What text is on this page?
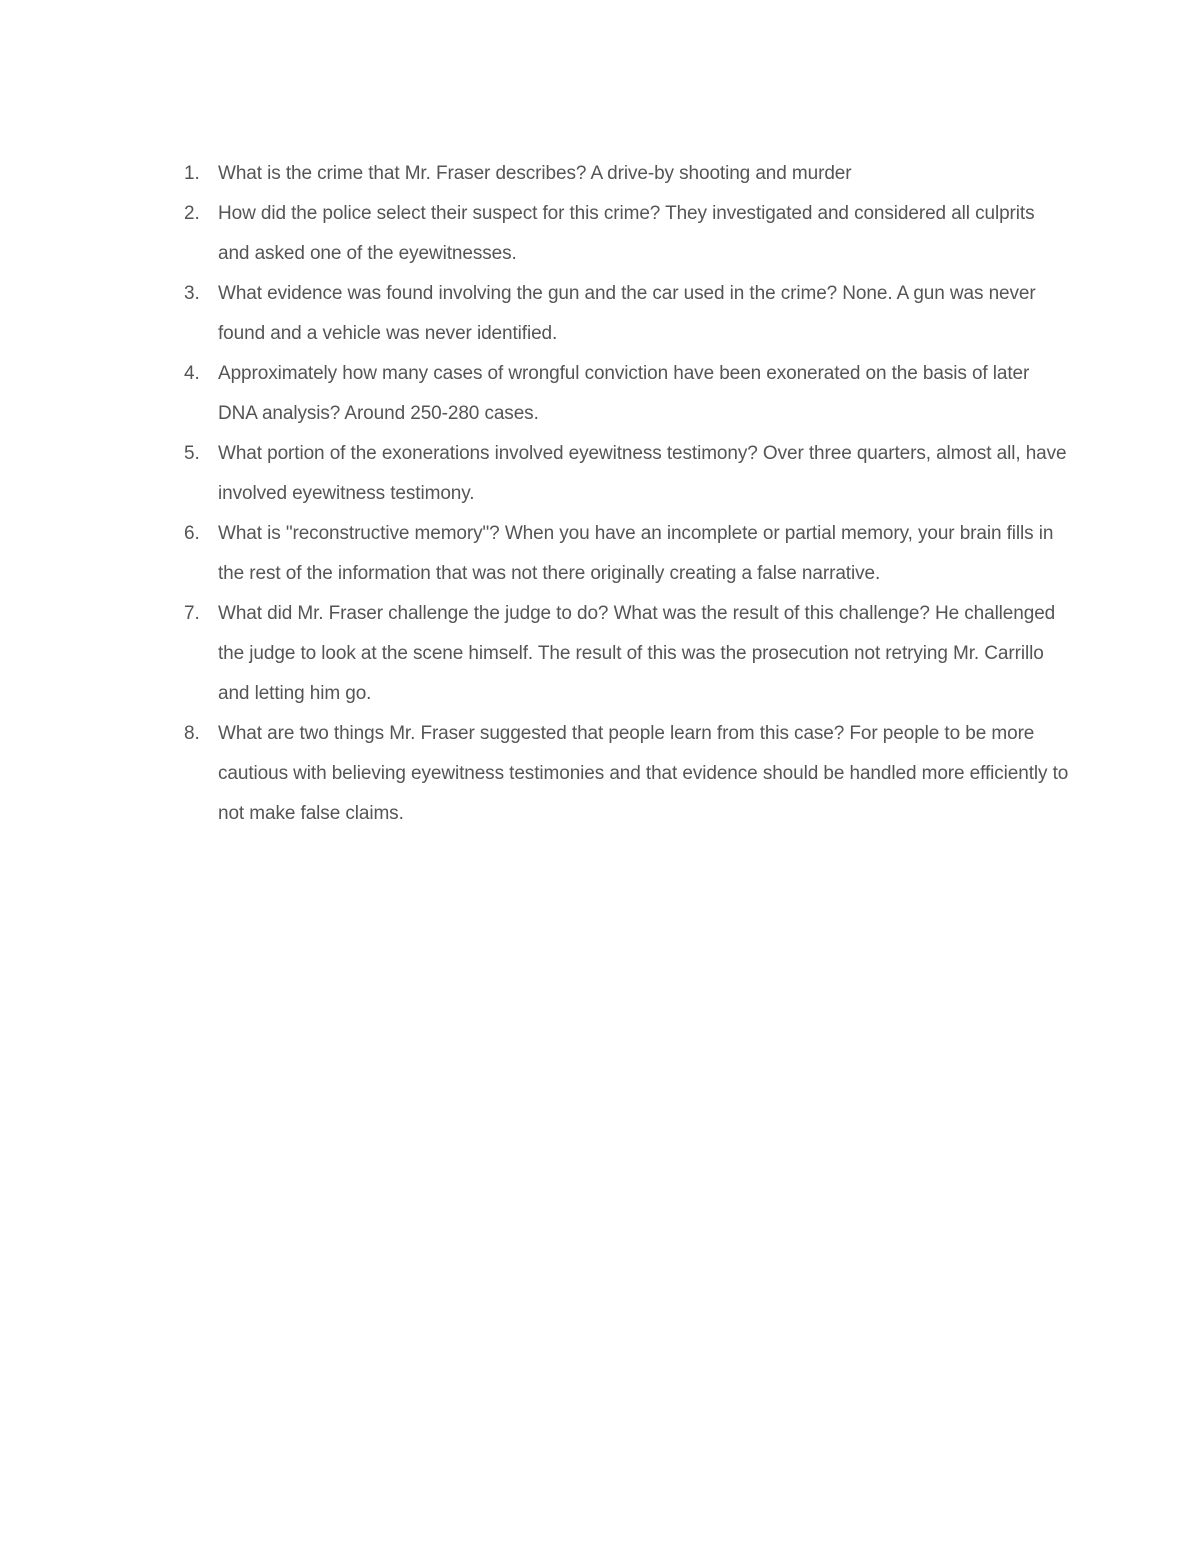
1. What is the crime that Mr. Fraser describes? A drive-by shooting and murder
2. How did the police select their suspect for this crime? They investigated and considered all culprits and asked one of the eyewitnesses.
3. What evidence was found involving the gun and the car used in the crime? None. A gun was never found and a vehicle was never identified.
4. Approximately how many cases of wrongful conviction have been exonerated on the basis of later DNA analysis? Around 250-280 cases.
5. What portion of the exonerations involved eyewitness testimony? Over three quarters, almost all, have involved eyewitness testimony.
6. What is "reconstructive memory"? When you have an incomplete or partial memory, your brain fills in the rest of the information that was not there originally creating a false narrative.
7. What did Mr. Fraser challenge the judge to do? What was the result of this challenge? He challenged the judge to look at the scene himself. The result of this was the prosecution not retrying Mr. Carrillo and letting him go.
8. What are two things Mr. Fraser suggested that people learn from this case? For people to be more cautious with believing eyewitness testimonies and that evidence should be handled more efficiently to not make false claims.
